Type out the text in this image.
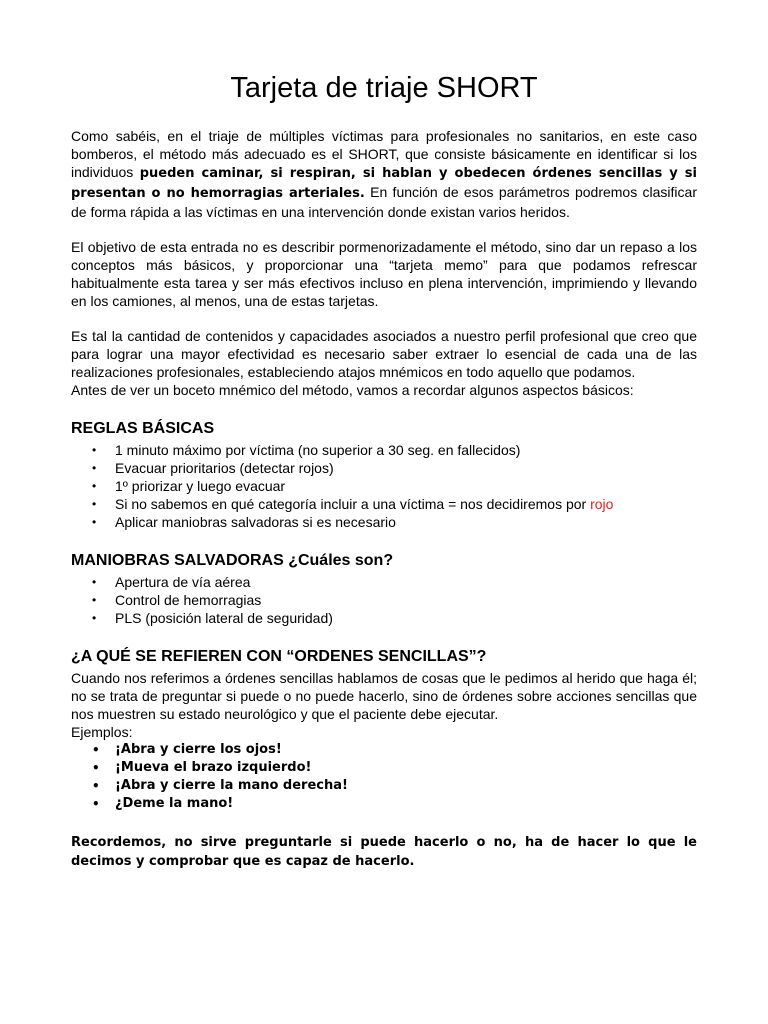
Tarjeta de triaje SHORT

Como sabéis, en el triaje de múltiples víctimas para profesionales no sanitarios, en este caso bomberos, el método más adecuado es el SHORT, que consiste básicamente en identificar si los individuos pueden caminar, si respiran, si hablan y obedecen órdenes sencillas y si presentan o no hemorragias arteriales. En función de esos parámetros podremos clasificar de forma rápida a las víctimas en una intervención donde existan varios heridos.

El objetivo de esta entrada no es describir pormenorizadamente el método, sino dar un repaso a los conceptos más básicos, y proporcionar una “tarjeta memo” para que podamos refrescar habitualmente esta tarea y ser más efectivos incluso en plena intervención, imprimiendo y llevando en los camiones, al menos, una de estas tarjetas.

Es tal la cantidad de contenidos y capacidades asociados a nuestro perfil profesional que creo que para lograr una mayor efectividad es necesario saber extraer lo esencial de cada una de las realizaciones profesionales, estableciendo atajos mnémicos en todo aquello que podamos.

Antes de ver un boceto mnémico del método, vamos a recordar algunos aspectos básicos:

REGLAS BÁSICAS
• 1 minuto máximo por víctima (no superior a 30 seg. en fallecidos)
• Evacuar prioritarios (detectar rojos)
• 1º priorizar y luego evacuar
• Si no sabemos en qué categoría incluir a una víctima = nos decidiremos por rojo
• Aplicar maniobras salvadoras si es necesario
MANIOBRAS SALVADORAS ¿Cuáles son?
• Apertura de vía aérea
• Control de hemorragias
• PLS (posición lateral de seguridad)
¿A QUÉ SE REFIEREN CON “ORDENES SENCILLAS”?

Cuando nos referimos a órdenes sencillas hablamos de cosas que le pedimos al herido que haga él; no se trata de preguntar si puede o no puede hacerlo, sino de órdenes sobre acciones sencillas que nos muestren su estado neurológico y que el paciente debe ejecutar.

Ejemplos:

• ¡Abra y cierre los ojos!
• ¡Mueva el brazo izquierdo!
• ¡Abra y cierre la mano derecha!
• ¿Deme la mano!

Recordemos, no sirve preguntarle si puede hacerlo o no, ha de hacer lo que le decimos y comprobar que es capaz de hacerlo.
